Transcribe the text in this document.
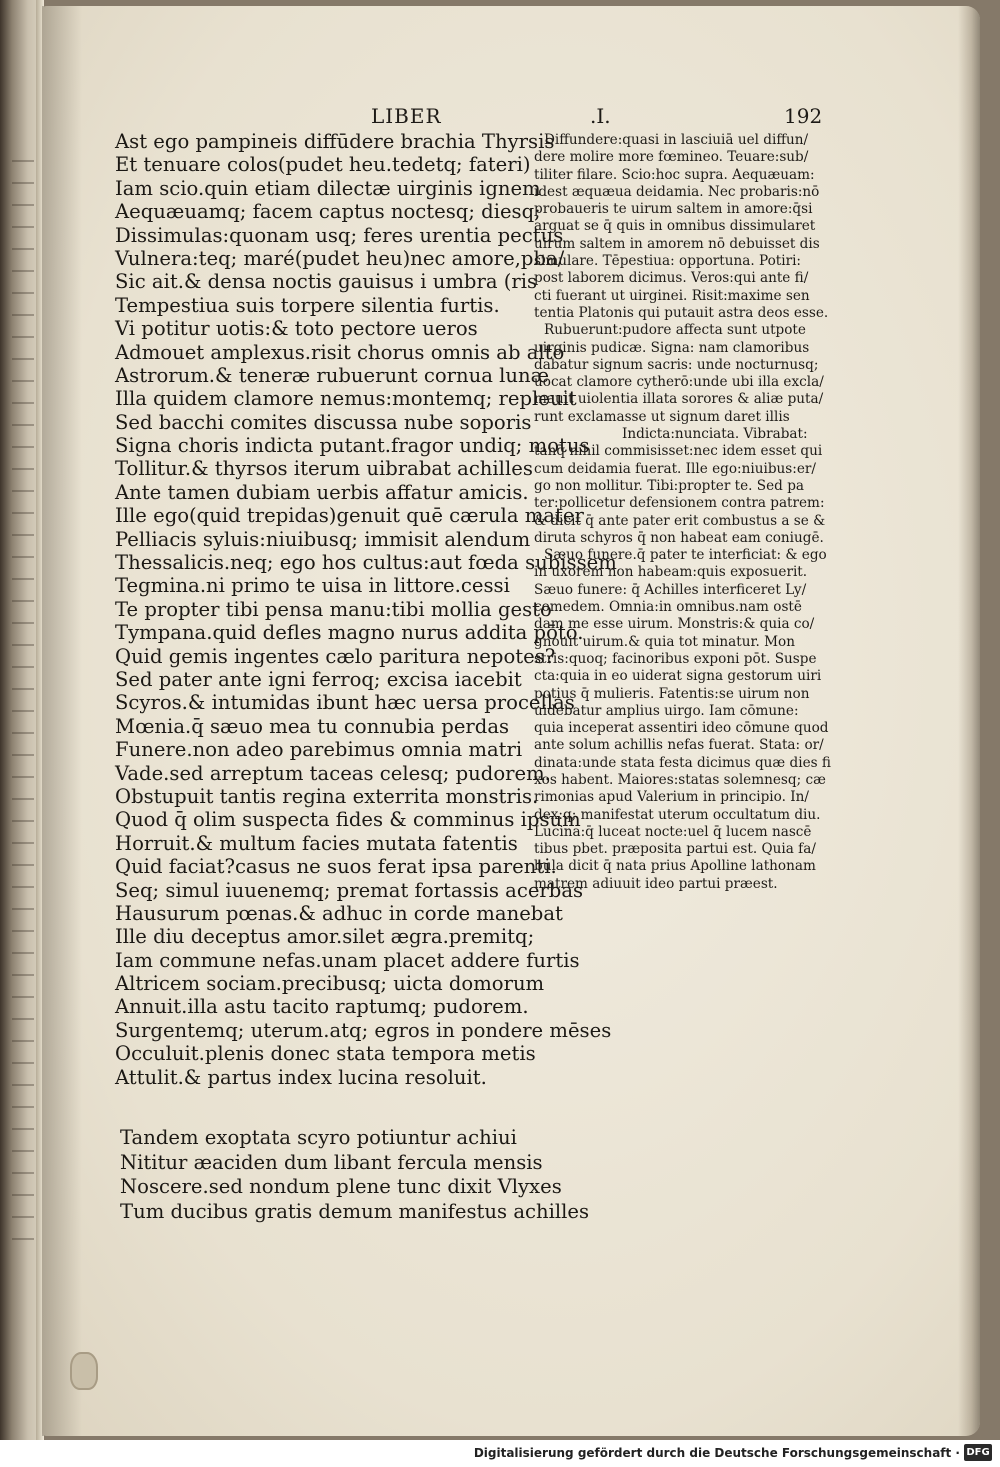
LIBER	.I.	192
Ast ego pampineis diffūdere brachia Thyrsis
Et tenuare colos(pudet heu.tedetq; fateri)
Iam scio.quin etiam dilectæ uirginis ignem
Aequæuamq; facem captus noctesq; diesq;
Dissimulas:quonam usq; feres urentia pectus
Vulnera:teq; maré(pudet heu)nec amore,pba/
Sic ait.& densa noctis gauisus i umbra (ris
Tempestiua suis torpere silentia furtis.
Vi potitur uotis:& toto pectore ueros
Admouet amplexus.risit chorus omnis ab alto
Astrorum.& teneræ rubuerunt cornua lunæ
Illa quidem clamore nemus:montemq; repleuit
Sed bacchi comites discussa nube soporis
Signa choris indicta putant.fragor undiq; motus
Tollitur.& thyrsos iterum uibrabat achilles
Ante tamen dubiam uerbis affatur amicis.
Ille ego(quid trepidas)genuit quē cærula mater
Pelliacis syluis:niuibusq; immisit alendum
Thessalicis.neq; ego hos cultus:aut fœda subissem
Tegmina.ni primo te uisa in littore.cessi
Te propter tibi pensa manu:tibi mollia gesto
Tympana.quid defles magno nurus addita pōto.
Quid gemis ingentes cælo paritura nepotes?
Sed pater ante igni ferroq; excisa iacebit
Scyros.& intumidas ibunt hæc uersa procellas
Mœnia.q̄ sæuo mea tu connubia perdas
Funere.non adeo parebimus omnia matri
Vade.sed arreptum taceas celesq; pudorem.
Obstupuit tantis regina exterrita monstris.
Quod q̄ olim suspecta fides & comminus ipsum
Horruit.& multum facies mutata fatentis
Quid faciat?casus ne suos ferat ipsa parenti.
Seq; simul iuuenemq; premat fortassis acerbas
Hausurum pœnas.& adhuc in corde manebat
Ille diu deceptus amor.silet ægra.premitq;
Iam commune nefas.unam placet addere furtis
Altricem sociam.precibusq; uicta domorum
Annuit.illa astu tacito raptumq; pudorem.
Surgentemq; uterum.atq; egros in pondere mēses
Occuluit.plenis donec stata tempora metis
Attulit.& partus index lucina resoluit.
Tandem exoptata scyro potiuntur achiui
Nititur æaciden dum libant fercula mensis
Noscere.sed nondum plene tunc dixit Vlyxes
Tum ducibus gratis demum manifestus achilles
Diffundere:quasi in lasciuiā uel diffun/
dere molire more fœmineo. Teuare:sub/
tiliter filare. Scio:hoc supra. Aequæuam:
idest æquæua deidamia. Nec probaris:nō
probaueris te uirum saltem in amore:q̄si
arguat se q̄ quis in omnibus dissimularet
uirum saltem in amorem nō debuisset dis
simulare. Tēpestiua: opportuna. Potiri:
post laborem dicimus. Veros:qui ante fi/
cti fuerant ut uirginei. Risit:maxime sen
tentia Platonis qui putauit astra deos esse.
Rubuerunt:pudore affecta sunt utpote
uirginis pudicæ. Signa: nam clamoribus
dabatur signum sacris: unde nocturnusq;
uocat clamore cytherō:unde ubi illa excla/
mauit uiolentia illata sorores & aliæ puta/
runt exclamasse ut signum daret illis
Indicta:nunciata. Vibrabat:
tanq̄ nihil commisisset:nec idem esset qui
cum deidamia fuerat. Ille ego:niuibus:er/
go non mollitur. Tibi:propter te. Sed pa
ter:pollicetur defensionem contra patrem:
& dicit q̄ ante pater erit combustus a se &
diruta schyros q̄ non habeat eam coniugē.
Sæuo funere.q̄ pater te interficiat: & ego
in uxorem non habeam:quis exposuerit.
Sæuo funere: q̄ Achilles interficeret Ly/
comedem. Omnia:in omnibus.nam ostē
dam me esse uirum. Monstris:& quia co/
gnouit uirum.& quia tot minatur. Mon
stris:quoq; facinoribus exponi pōt. Suspe
cta:quia in eo uiderat signa gestorum uiri
potius q̄ mulieris. Fatentis:se uirum non
uidebatur amplius uirgo. Iam cōmune:
quia inceperat assentiri ideo cōmune quod
ante solum achillis nefas fuerat. Stata: or/
dinata:unde stata festa dicimus quæ dies fi
xos habent. Maiores:statas solemnesq; cæ
rimonias apud Valerium in principio. In/
dex:q; manifestat uterum occultatum diu.
Lucina:q̄ luceat nocte:uel q̄ lucem nascē
tibus pbet. præposita partui est. Quia fa/
bula dicit q̄ nata prius Apolline lathonam
matrem adiuuit ideo partui præest.
Digitalisierung gefördert durch die Deutsche Forschungsgemeinschaft · DFG
